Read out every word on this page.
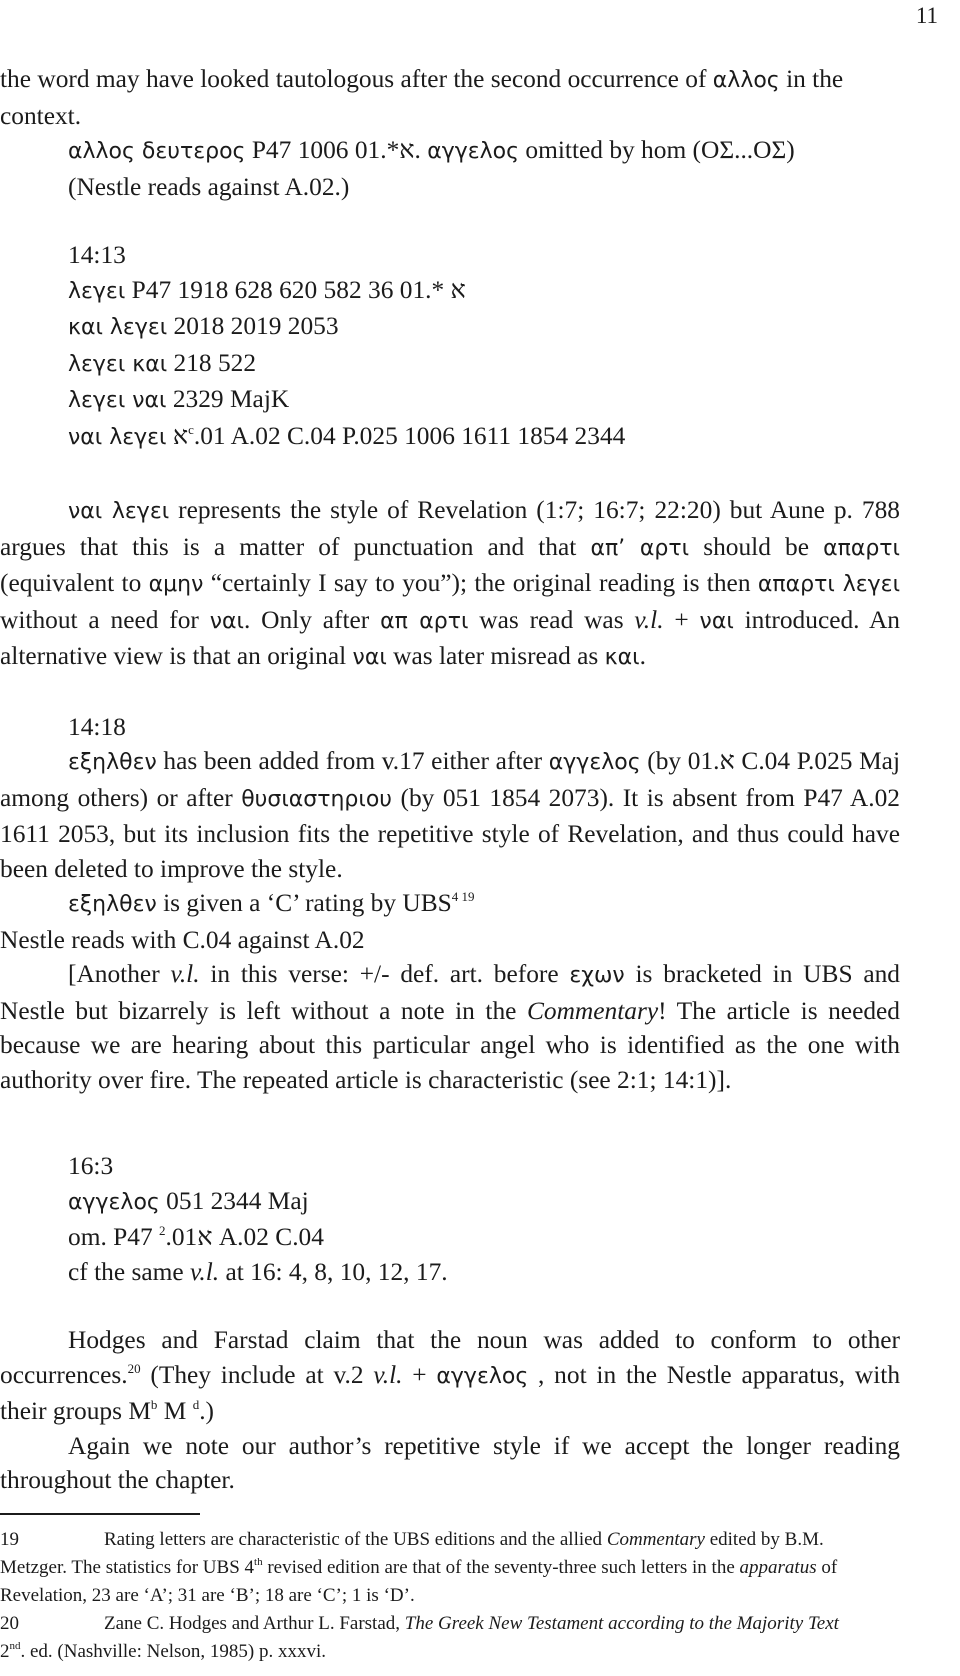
11

the word may have looked tautologous after the second occurrence of αλλος in the context.

αλλος δευτερος P47	א*.01 1006. αγγελος omitted by hom (ΟΣ...ΟΣ)

(Nestle reads against A.02.)

14:13

λεγει P47	א *.01 36 582 620 628 1918

και λεγει 2018 2019 2053

λεγει και 218 522

λεγει ναι 2329 MajK

ναι λεγει א$^c$.01 A.02 C.04 P.025 1006 1611 1854 2344

ναι λεγει represents the style of Revelation (1:7; 16:7; 22:20) but Aune p. 788 argues that this is a matter of punctuation and that απ’ αρτι should be απαρτι (equivalent to αμην “certainly I say to you”); the original reading is then απαρτι λεγει without a need for ναι. Only after απ αρτι was read was v.l. + ναι introduced. An alternative view is that an original ναι was later misread as και.

14:18

εξηλθεν has been added from v.17 either after αγγελος (by א.01 C.04 P.025 Maj among others) or after θυσιαστηριου (by 051 1854 2073). It is absent from P47 A.02 1611 2053, but its inclusion fits the repetitive style of Revelation, and thus could have been deleted to improve the style.

εξηλθεν is given a ‘C’ rating by $UBS^{4 19}$

Nestle reads with C.04 against A.02

[Another v.l. in this verse: +/- def. art. before εχων is bracketed in UBS and Nestle but bizarrely is left without a note in the Commentary! The article is needed because we are hearing about this particular angel who is identified as the one with authority over fire. The repeated article is characteristic (see 2:1; 14:1)].

16:3

αγγελος 051 2344 Maj

om. P47 א$^2$.01 A.02 C.04

cf the same v.l. at 16: 4, 8, 10, 12, 17.

Hodges and Farstad claim that the noun was added to conform to other occurrences.$^{20}$ (They include at v.2 v.l. + αγγελος , not in the Nestle apparatus, with their groups $M^b$ M $^d$.)

Again we note our author’s repetitive style if we accept the longer reading throughout the chapter.

19	Rating letters are characteristic of the UBS editions and the allied Commentary edited by B.M. Metzger. The statistics for UBS 4th revised edition are that of the seventy-three such letters in the apparatus of Revelation, 23 are ‘A’; 31 are ‘B’; 18 are ‘C’; 1 is ‘D’.

20	Zane C. Hodges and Arthur L. Farstad, The Greek New Testament according to the Majority Text 2nd. ed. (Nashville: Nelson, 1985) p. xxxvi.
